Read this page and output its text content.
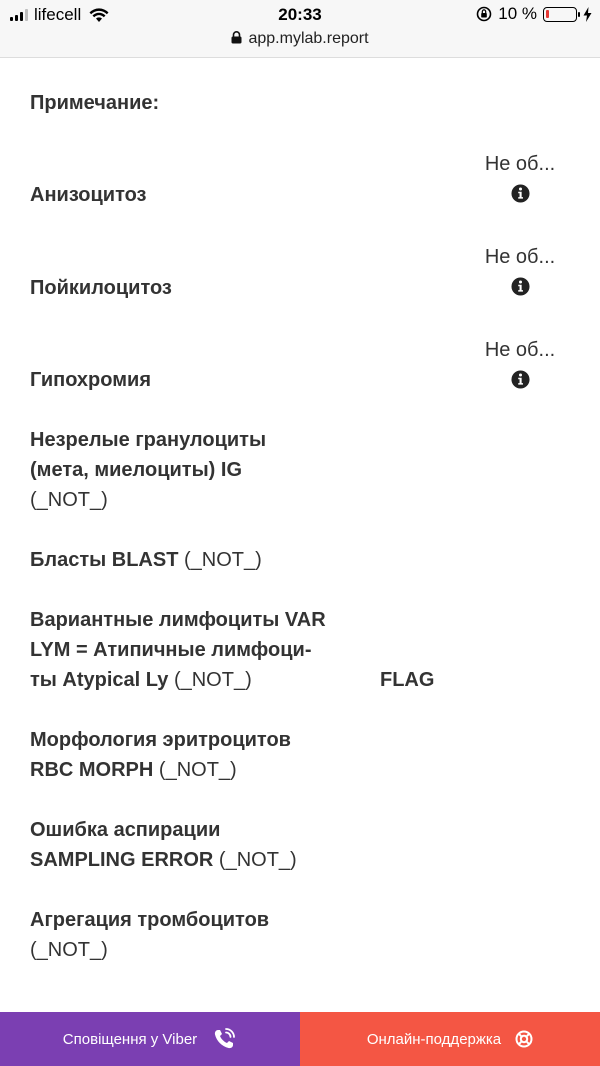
lifecell	20:33	10 %
app.mylab.report
Примечание:
Анизоцитоз
Не об...
Пойкилоцитоз
Не об...
Гипохромия
Не об...
Незрелые гранулоциты
(мета, миелоциты) IG
(_NOT_)
Бласты BLAST (_NOT_)
Вариантные лимфоциты VAR
LYM = Атипичные лимфоци-
ты Atypical Ly (_NOT_)	FLAG
Морфология эритроцитов
RBC MORPH (_NOT_)
Ошибка аспирации
SAMPLING ERROR (_NOT_)
Агрегация тромбоцитов
(_NOT_)
Сповіщення у Viber	Онлайн-поддержка
